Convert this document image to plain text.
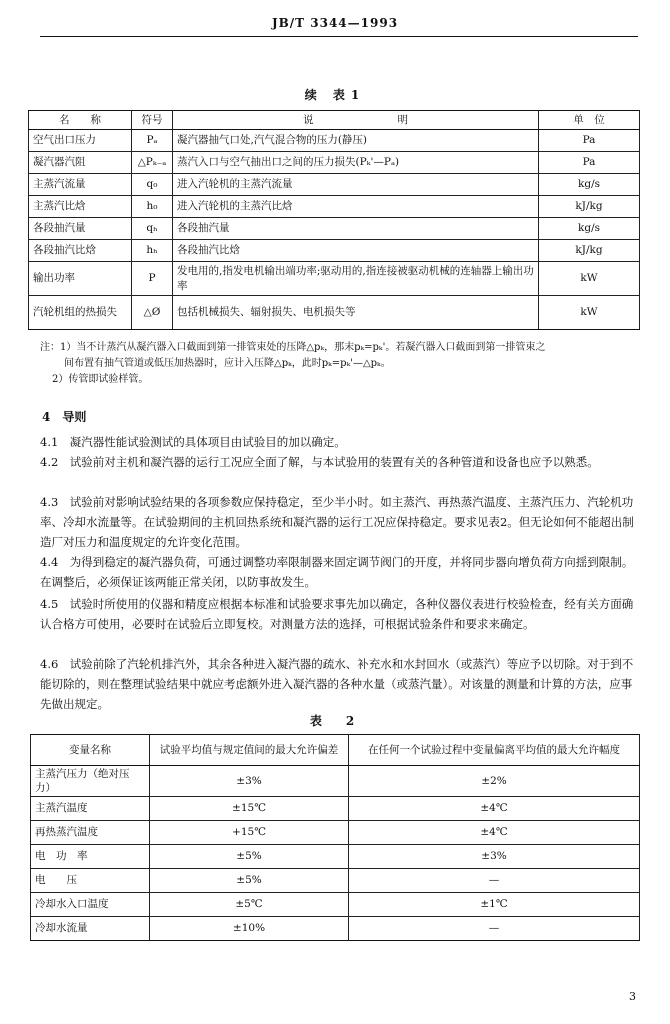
JB/T 3344—1993
续 表1
名　　称	符号	说　　　　　　　　明	单　位
空气出口压力	Pₐ	凝汽器抽气口处,汽气混合物的压力(静压)	Pa
凝汽器汽阻	△Pₖ₋ₐ	蒸汽入口与空气抽出口之间的压力损失(Pₖ'—Pₐ)	Pa
主蒸汽流量	q₀	进入汽轮机的主蒸汽流量	kg/s
主蒸汽比焓	h₀	进入汽轮机的主蒸汽比焓	kJ/kg
各段抽汽量	qₕ	各段抽汽量	kg/s
各段抽汽比焓	hₕ	各段抽汽比焓	kJ/kg
输出功率	P	发电用的,指发电机输出端功率;驱动用的,指连接被驱动机械的连轴器上输出功率	kW
汽轮机组的热损失	△Ø	包括机械损失、辐射损失、电机损失等	kW
注：1）当不计蒸汽从凝汽器入口截面到第一排管束处的压降△pₖ，那末pₖ=pₖ'。若凝汽器入口截面到第一排管束之
间布置有抽气管道或低压加热器时，应计入压降△pₖ，此时pₖ=pₖ'—△pₖ。
2）传管即试验样管。
4　导则
4.1　凝汽器性能试验测试的具体项目由试验目的加以确定。
4.2　试验前对主机和凝汽器的运行工况应全面了解，与本试验用的装置有关的各种管道和设备也应予以熟悉。
4.3　试验前对影响试验结果的各项参数应保持稳定，至少半小时。如主蒸汽、再热蒸汽温度、主蒸汽压力、汽轮机功率、冷却水流量等。在试验期间的主机回热系统和凝汽器的运行工况应保持稳定。要求见表2。但无论如何不能超出制造厂对压力和温度规定的允许变化范围。
4.4　为得到稳定的凝汽器负荷，可通过调整功率限制器来固定调节阀门的开度，并将同步器向增负荷方向揺到限制。在调整后，必须保证该两能正常关闭，以防事故发生。
4.5　试验时所使用的仪器和精度应根据本标准和试验要求事先加以确定，各种仪器仪表进行校验检查，经有关方面确认合格方可使用，必要时在试验后立即复校。对测量方法的选择，可根据试验条件和要求来确定。
4.6　试验前除了汽轮机排汽外，其余各种进入凝汽器的疏水、补充水和水封回水（或蒸汽）等应予以切除。对于到不能切除的，则在整理试验结果中就应考虑额外进入凝汽器的各种水量（或蒸汽量）。对该量的测量和计算的方法，应事先做出规定。
表　2
变量名称	试验平均值与规定值间的最大允许偏差	在任何一个试验过程中变量偏离平均值的最大允许幅度
主蒸汽压力（绝对压力）	±3%	±2%
主蒸汽温度	±15℃	±4℃
再热蒸汽温度	+15℃	±4℃
电　功　率	±5%	±3%
电　　压	±5%	—
冷却水入口温度	±5℃	±1℃
冷却水流量	±10%	—
3
